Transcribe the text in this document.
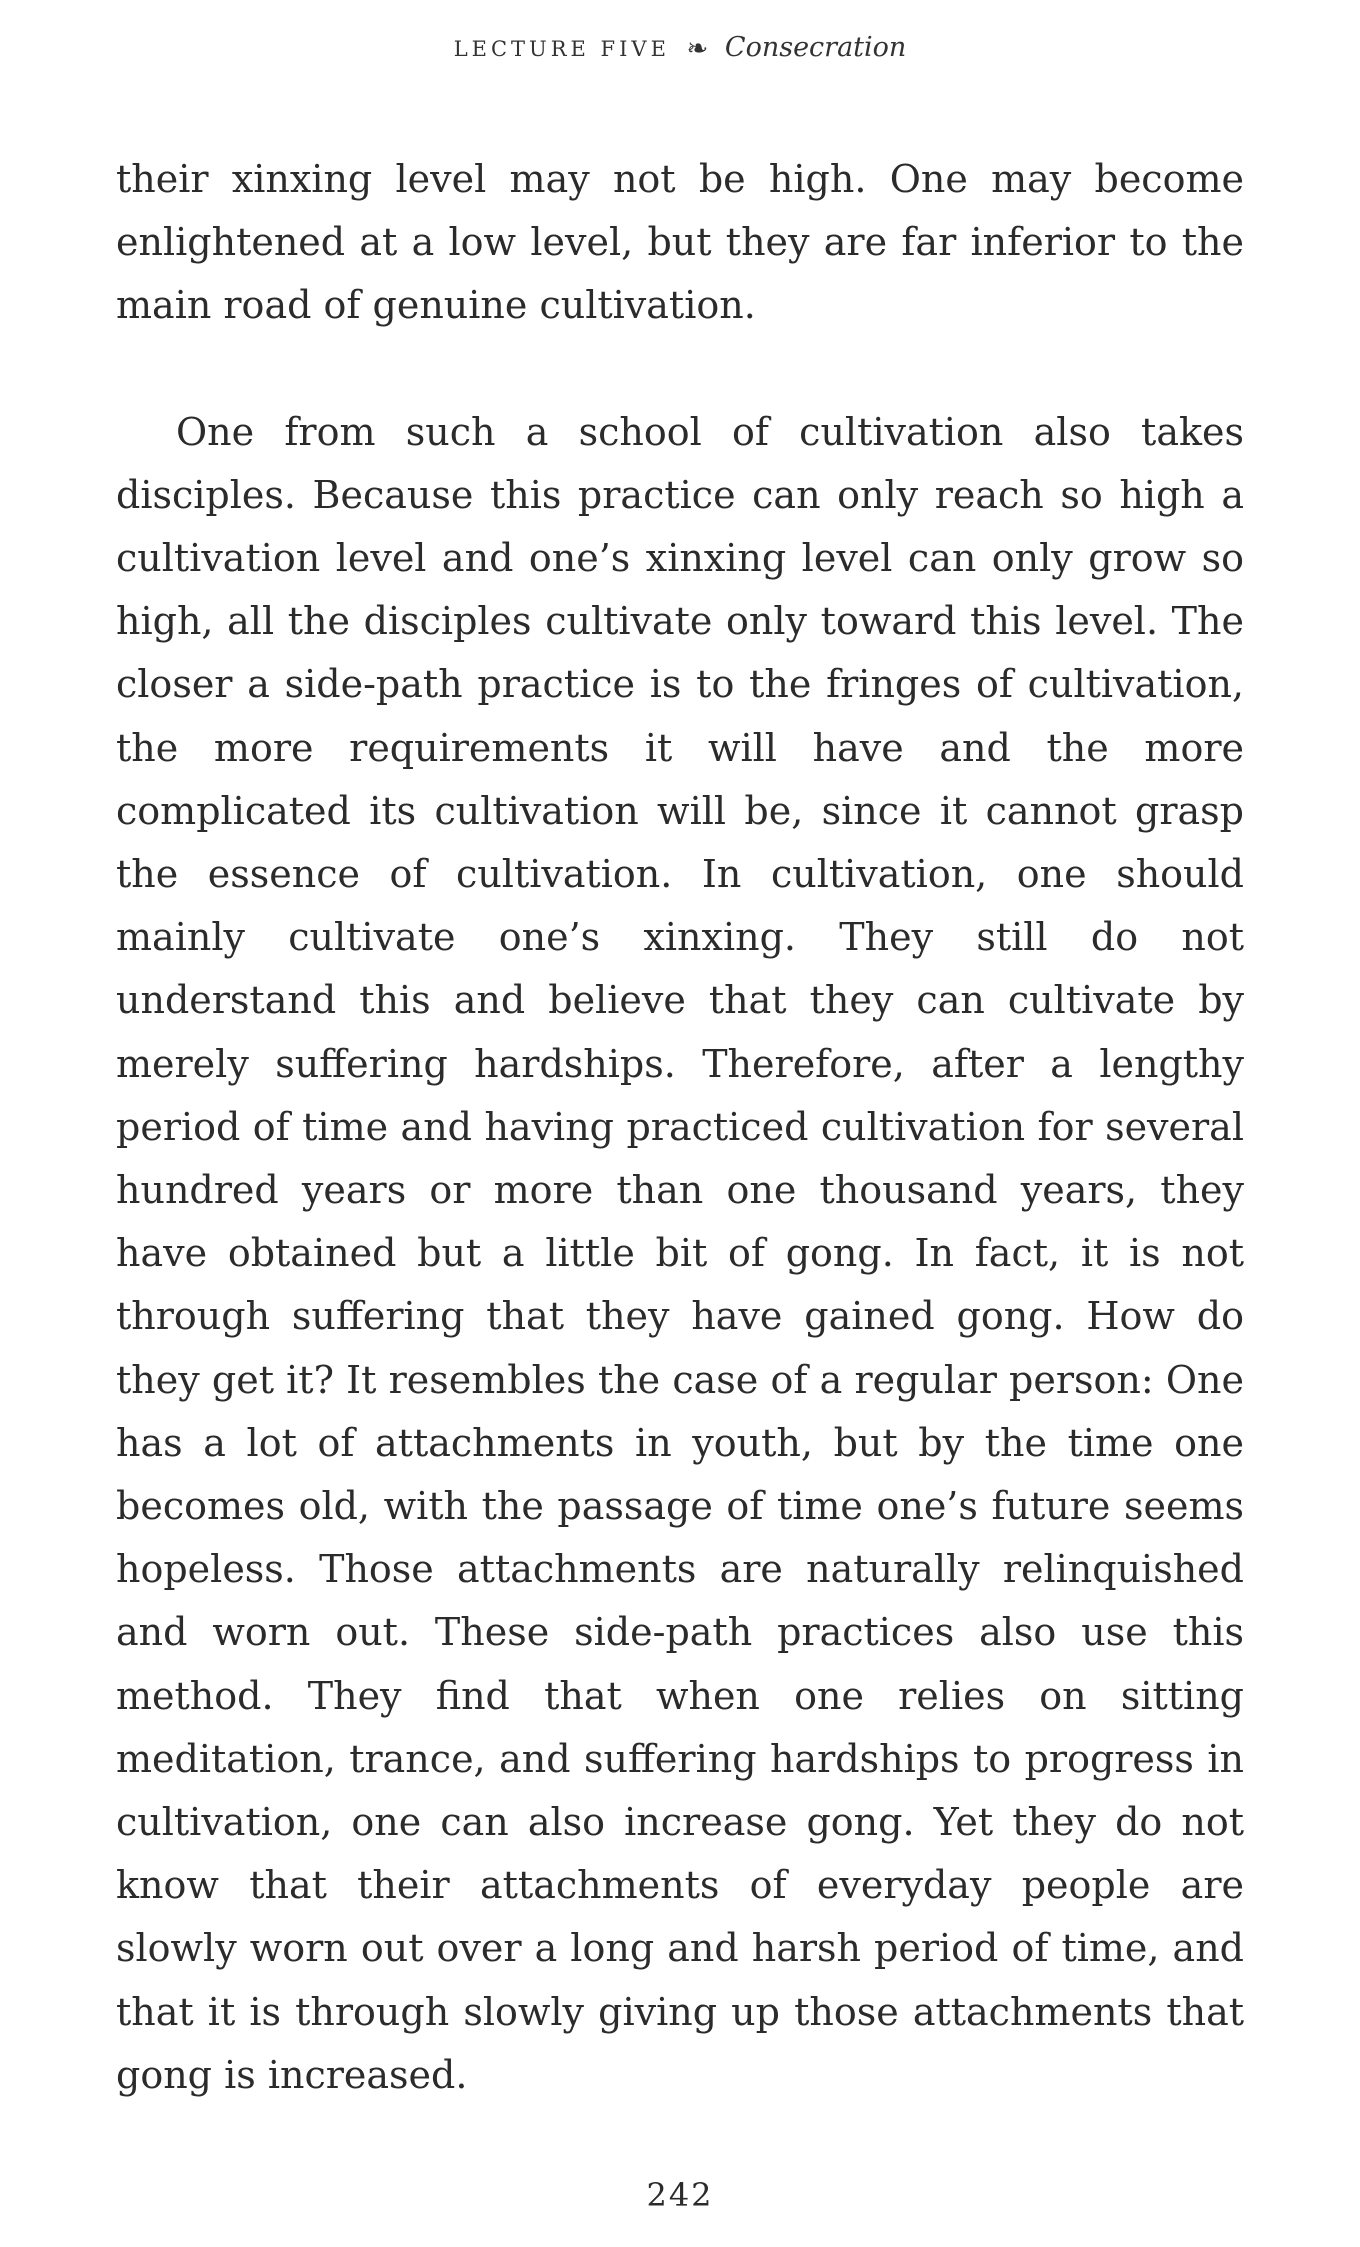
LECTURE FIVE ❧ Consecration

their xinxing level may not be high. One may become enlightened at a low level, but they are far inferior to the main road of genuine cultivation.

One from such a school of cultivation also takes disciples. Because this practice can only reach so high a cultivation level and one’s xinxing level can only grow so high, all the disciples cultivate only toward this level. The closer a side-path practice is to the fringes of cultivation, the more requirements it will have and the more complicated its cultivation will be, since it cannot grasp the essence of cultivation. In cultivation, one should mainly cultivate one’s xinxing. They still do not understand this and believe that they can cultivate by merely suffering hardships. Therefore, after a lengthy period of time and having practiced cultivation for several hundred years or more than one thousand years, they have obtained but a little bit of gong. In fact, it is not through suffering that they have gained gong. How do they get it? It resembles the case of a regular person: One has a lot of attachments in youth, but by the time one becomes old, with the passage of time one’s future seems hopeless. Those attachments are naturally relinquished and worn out. These side-path practices also use this method. They find that when one relies on sitting meditation, trance, and suffering hardships to progress in cultivation, one can also increase gong. Yet they do not know that their attachments of everyday people are slowly worn out over a long and harsh period of time, and that it is through slowly giving up those attachments that gong is increased.

242
